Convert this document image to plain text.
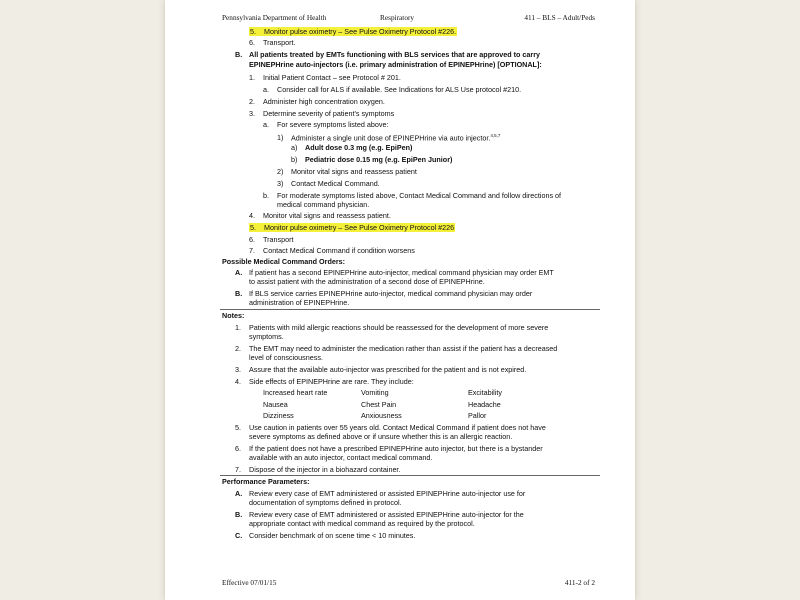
Pennsylvania Department of Health	Respiratory	411 – BLS – Adult/Peds
5. Monitor pulse oximetry – See Pulse Oximetry Protocol #226.
6. Transport.
B. All patients treated by EMTs functioning with BLS services that are approved to carry
EPINEPHrine auto-injectors (i.e. primary administration of EPINEPHrine) [OPTIONAL]:
1. Initial Patient Contact – see Protocol # 201.
a. Consider call for ALS if available. See Indications for ALS Use protocol #210.
2. Administer high concentration oxygen.
3. Determine severity of patient's symptoms
a. For severe symptoms listed above:
1) Administer a single unit dose of EPINEPHrine via auto injector.$^{4,5,7}$
a) Adult dose 0.3 mg (e.g. EpiPen)
b) Pediatric dose 0.15 mg (e.g. EpiPen Junior)
2) Monitor vital signs and reassess patient
3) Contact Medical Command.
b. For moderate symptoms listed above, Contact Medical Command and follow directions of
medical command physician.
4. Monitor vital signs and reassess patient.
5. Monitor pulse oximetry – See Pulse Oximetry Protocol #226
6. Transport
7. Contact Medical Command if condition worsens
Possible Medical Command Orders:
A. If patient has a second EPINEPHrine auto-injector, medical command physician may order EMT
to assist patient with the administration of a second dose of EPINEPHrine.
B. If BLS service carries EPINEPHrine auto-injector, medical command physician may order
administration of EPINEPHrine.
Notes:
1. Patients with mild allergic reactions should be reassessed for the development of more severe
symptoms.
2. The EMT may need to administer the medication rather than assist if the patient has a decreased
level of consciousness.
3. Assure that the available auto-injector was prescribed for the patient and is not expired.
4. Side effects of EPINEPHrine are rare. They include:
Increased heart rate	Vomiting	Excitability
Nausea	Chest Pain	Headache
Dizziness	Anxiousness	Pallor
5. Use caution in patients over 55 years old. Contact Medical Command if patient does not have
severe symptoms as defined above or if unsure whether this is an allergic reaction.
6. If the patient does not have a prescribed EPINEPHrine auto injector, but there is a bystander
available with an auto injector, contact medical command.
7. Dispose of the injector in a biohazard container.
Performance Parameters:
A. Review every case of EMT administered or assisted EPINEPHrine auto-injector use for
documentation of symptoms defined in protocol.
B. Review every case of EMT administered or assisted EPINEPHrine auto-injector for the
appropriate contact with medical command as required by the protocol.
C. Consider benchmark of on scene time < 10 minutes.
Effective 07/01/15	411-2 of 2
